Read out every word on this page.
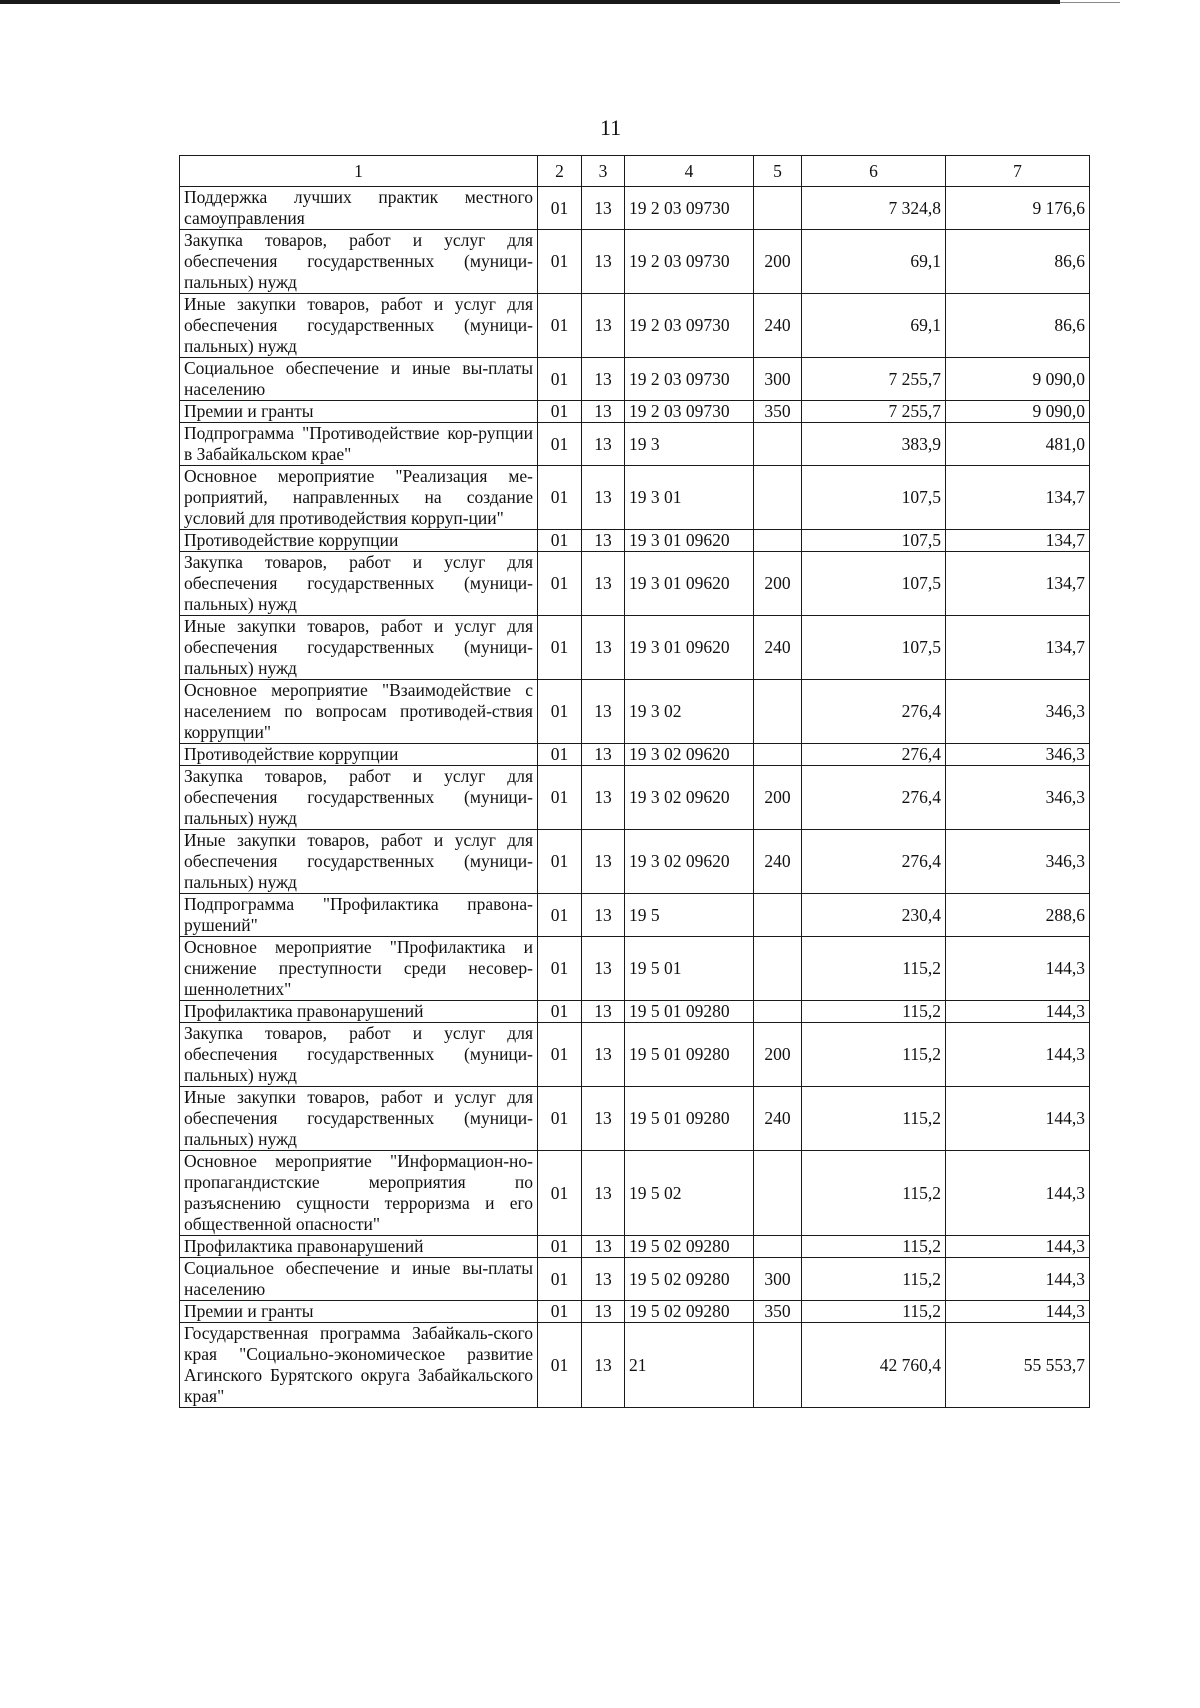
11
1	2	3	4	5	6	7
Поддержка лучших практик местного самоуправления	01	13	19 2 03 09730		7 324,8	9 176,6
Закупка товаров, работ и услуг для обеспечения государственных (муници-пальных) нужд	01	13	19 2 03 09730	200	69,1	86,6
Иные закупки товаров, работ и услуг для обеспечения государственных (муници-пальных) нужд	01	13	19 2 03 09730	240	69,1	86,6
Социальное обеспечение и иные вы-платы населению	01	13	19 2 03 09730	300	7 255,7	9 090,0
Премии и гранты	01	13	19 2 03 09730	350	7 255,7	9 090,0
Подпрограмма "Противодействие кор-рупции в Забайкальском крае"	01	13	19 3		383,9	481,0
Основное мероприятие "Реализация ме-роприятий, направленных на создание условий для противодействия корруп-ции"	01	13	19 3 01		107,5	134,7
Противодействие коррупции	01	13	19 3 01 09620		107,5	134,7
Закупка товаров, работ и услуг для обеспечения государственных (муници-пальных) нужд	01	13	19 3 01 09620	200	107,5	134,7
Иные закупки товаров, работ и услуг для обеспечения государственных (муници-пальных) нужд	01	13	19 3 01 09620	240	107,5	134,7
Основное мероприятие "Взаимодействие с населением по вопросам противодей-ствия коррупции"	01	13	19 3 02		276,4	346,3
Противодействие коррупции	01	13	19 3 02 09620		276,4	346,3
Закупка товаров, работ и услуг для обеспечения государственных (муници-пальных) нужд	01	13	19 3 02 09620	200	276,4	346,3
Иные закупки товаров, работ и услуг для обеспечения государственных (муници-пальных) нужд	01	13	19 3 02 09620	240	276,4	346,3
Подпрограмма "Профилактика правона-рушений"	01	13	19 5		230,4	288,6
Основное мероприятие "Профилактика и снижение преступности среди несовер-шеннолетних"	01	13	19 5 01		115,2	144,3
Профилактика правонарушений	01	13	19 5 01 09280		115,2	144,3
Закупка товаров, работ и услуг для обеспечения государственных (муници-пальных) нужд	01	13	19 5 01 09280	200	115,2	144,3
Иные закупки товаров, работ и услуг для обеспечения государственных (муници-пальных) нужд	01	13	19 5 01 09280	240	115,2	144,3
Основное мероприятие "Информацион-но-пропагандистские мероприятия по разъяснению сущности терроризма и его общественной опасности"	01	13	19 5 02		115,2	144,3
Профилактика правонарушений	01	13	19 5 02 09280		115,2	144,3
Социальное обеспечение и иные вы-платы населению	01	13	19 5 02 09280	300	115,2	144,3
Премии и гранты	01	13	19 5 02 09280	350	115,2	144,3
Государственная программа Забайкаль-ского края "Социально-экономическое развитие Агинского Бурятского округа Забайкальского края"	01	13	21		42 760,4	55 553,7
